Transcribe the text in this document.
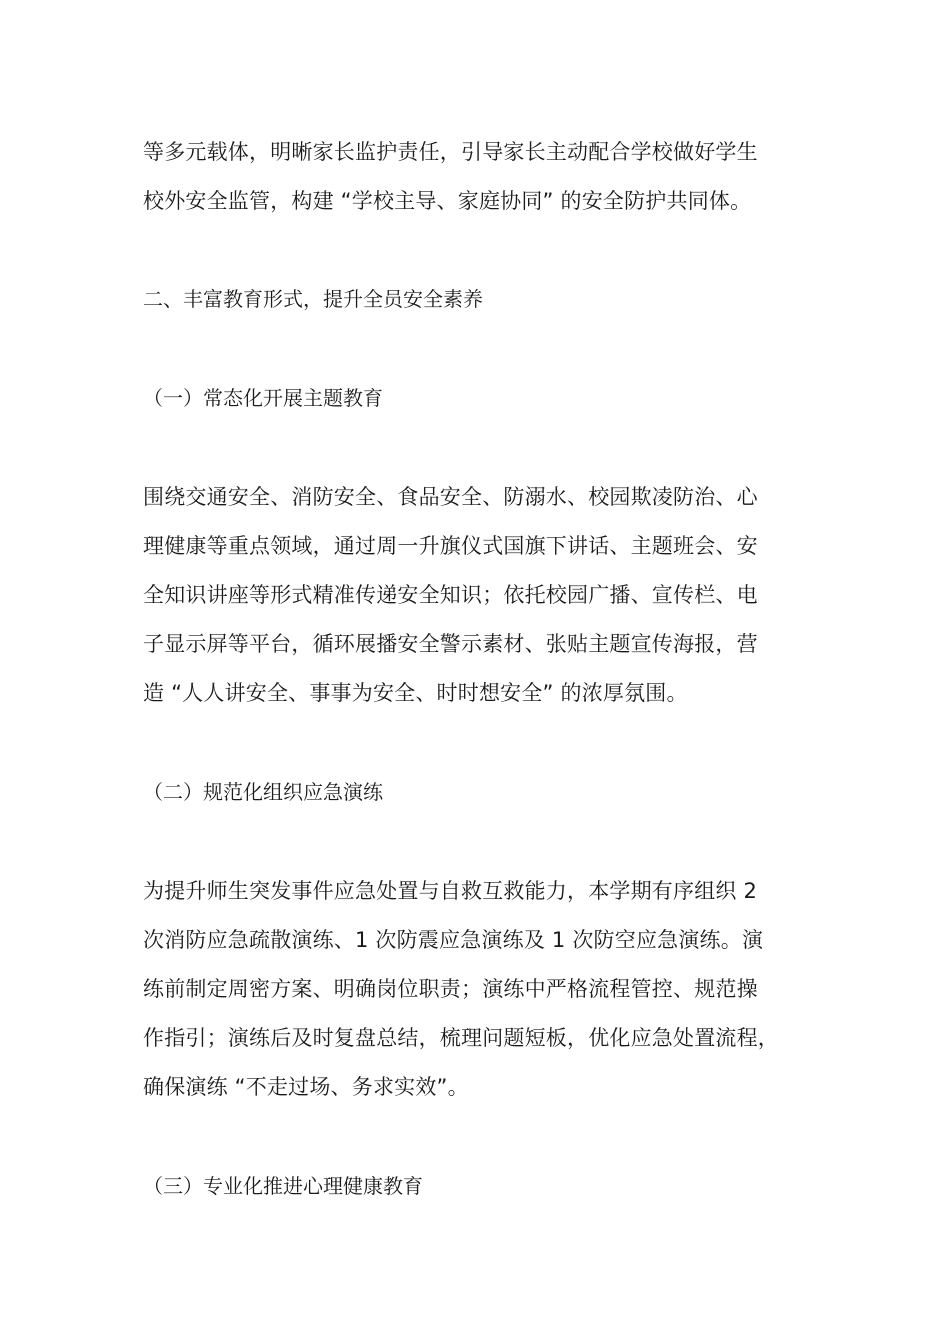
等多元载体，明晰家长监护责任，引导家长主动配合学校做好学生
校外安全监管，构建 “学校主导、家庭协同” 的安全防护共同体。
二、丰富教育形式，提升全员安全素养
（一）常态化开展主题教育
围绕交通安全、消防安全、食品安全、防溺水、校园欺凌防治、心
理健康等重点领域，通过周一升旗仪式国旗下讲话、主题班会、安
全知识讲座等形式精准传递安全知识；依托校园广播、宣传栏、电
子显示屏等平台，循环展播安全警示素材、张贴主题宣传海报，营
造 “人人讲安全、事事为安全、时时想安全” 的浓厚氛围。
（二）规范化组织应急演练
为提升师生突发事件应急处置与自救互救能力，本学期有序组织 2
次消防应急疏散演练、1 次防震应急演练及 1 次防空应急演练。演
练前制定周密方案、明确岗位职责；演练中严格流程管控、规范操
作指引；演练后及时复盘总结，梳理问题短板，优化应急处置流程，
确保演练 “不走过场、务求实效”。
（三）专业化推进心理健康教育
